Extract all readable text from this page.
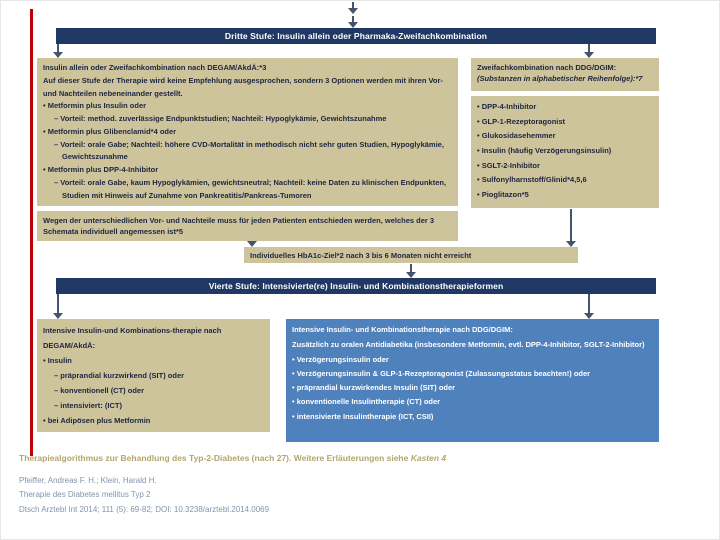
Dritte Stufe: Insulin allein oder Pharmaka-Zweifachkombination
Insulin allein oder Zweifachkombination nach DEGAM/AkdÄ:*3
Auf dieser Stufe der Therapie wird keine Empfehlung ausgesprochen, sondern 3 Optionen werden mit ihren Vor- und Nachteilen nebeneinander gestellt.
• Metformin plus Insulin oder
– Vorteil: method. zuverlässige Endpunktstudien; Nachteil: Hypoglykämie, Gewichtszunahme
• Metformin plus Glibenclamid*4 oder
– Vorteil: orale Gabe; Nachteil: höhere CVD-Mortalität in methodisch nicht sehr guten Studien, Hypoglykämie, Gewichtszunahme
• Metformin plus DPP-4-Inhibitor
– Vorteil: orale Gabe, kaum Hypoglykämien, gewichtsneutral; Nachteil: keine Daten zu klinischen Endpunkten, Studien mit Hinweis auf Zunahme von Pankreatitis/Pankreas-Tumoren
Wegen der unterschiedlichen Vor- und Nachteile muss für jeden Patienten entschieden werden, welches der 3 Schemata individuell angemessen ist*5
Zweifachkombination nach DDG/DGIM:
(Substanzen in alphabetischer Reihenfolge):*7
• DPP-4-Inhibitor
• GLP-1-Rezeptoragonist
• Glukosidasehemmer
• Insulin (häufig Verzögerungsinsulin)
• SGLT-2-Inhibitor
• Sulfonylharnstoff/Glinid*4,5,6
• Pioglitazon*5
Individuelles HbA1c-Ziel*2 nach 3 bis 6 Monaten nicht erreicht
Vierte Stufe: Intensivierte(re) Insulin- und Kombinationstherapieformen
Intensive Insulin-und Kombinations-therapie nach DEGAM/AkdÄ:
• Insulin
– präprandial kurzwirkend (SIT) oder
– konventionell (CT) oder
– intensiviert: (ICT)
• bei Adipösen plus Metformin
Intensive Insulin- und Kombinationstherapie nach DDG/DGIM:
Zusätzlich zu oralen Antidiabetika (insbesondere Metformin, evtl. DPP-4-Inhibitor, SGLT-2-Inhibitor)
• Verzögerungsinsulin oder
• Verzögerungsinsulin & GLP-1-Rezeptoragonist (Zulassungsstatus beachten!) oder
• präprandial kurzwirkendes Insulin (SIT) oder
• konventionelle Insulintherapie (CT) oder
• intensivierte Insulintherapie (ICT, CSII)
Therapiealgorithmus zur Behandlung des Typ-2-Diabetes (nach 27). Weitere Erläuterungen siehe Kasten 4
Pfeiffer, Andreas F. H.; Klein, Harald H.
Therapie des Diabetes mellitus Typ 2
Dtsch Arztebl Int 2014; 111 (5): 69-82; DOI: 10.3238/arztebl.2014.0069
